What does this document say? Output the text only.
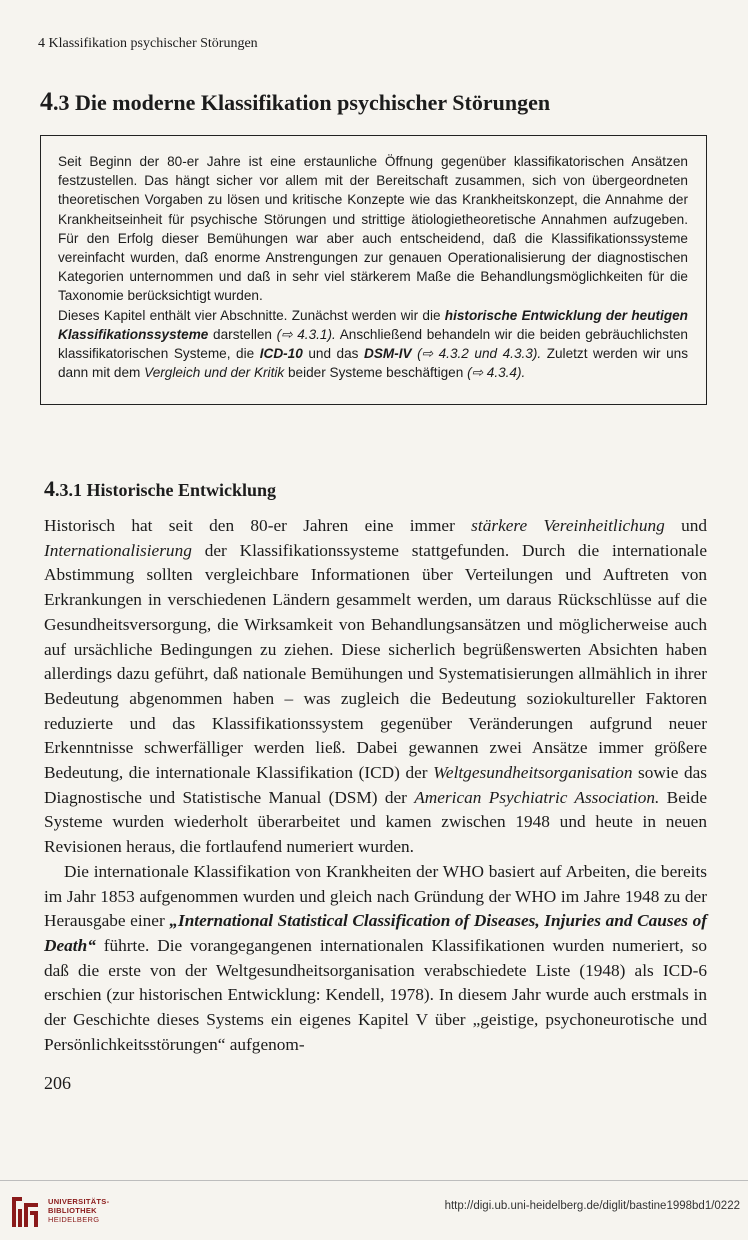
4 Klassifikation psychischer Störungen
4.3 Die moderne Klassifikation psychischer Störungen

Seit Beginn der 80-er Jahre ist eine erstaunliche Öffnung gegenüber klassifikatorischen Ansätzen festzustellen. Das hängt sicher vor allem mit der Bereitschaft zusammen, sich von übergeordneten theoretischen Vorgaben zu lösen und kritische Konzepte wie das Krankheitskonzept, die Annahme der Krankheitseinheit für psychische Störungen und strittige ätiologietheoretische Annahmen aufzugeben. Für den Erfolg dieser Bemühungen war aber auch entscheidend, daß die Klassifikationssysteme vereinfacht wurden, daß enorme Anstrengungen zur genauen Operationalisierung der diagnostischen Kategorien unternommen und daß in sehr viel stärkerem Maße die Behandlungsmöglichkeiten für die Taxonomie berücksichtigt wurden.

Dieses Kapitel enthält vier Abschnitte. Zunächst werden wir die historische Entwicklung der heutigen Klassifikationssysteme darstellen (⇨ 4.3.1). Anschließend behandeln wir die beiden gebräuchlichsten klassifikatorischen Systeme, die ICD-10 und das DSM-IV (⇨ 4.3.2 und 4.3.3). Zuletzt werden wir uns dann mit dem Vergleich und der Kritik beider Systeme beschäftigen (⇨ 4.3.4).

4.3.1 Historische Entwicklung

Historisch hat seit den 80-er Jahren eine immer stärkere Vereinheitlichung und Internationalisierung der Klassifikationssysteme stattgefunden. Durch die internationale Abstimmung sollten vergleichbare Informationen über Verteilungen und Auftreten von Erkrankungen in verschiedenen Ländern gesammelt werden, um daraus Rückschlüsse auf die Gesundheitsversorgung, die Wirksamkeit von Behandlungsansätzen und möglicherweise auch auf ursächliche Bedingungen zu ziehen. Diese sicherlich begrüßenswerten Absichten haben allerdings dazu geführt, daß nationale Bemühungen und Systematisierungen allmählich in ihrer Bedeutung abgenommen haben – was zugleich die Bedeutung soziokultureller Faktoren reduzierte und das Klassifikationssystem gegenüber Veränderungen aufgrund neuer Erkenntnisse schwerfälliger werden ließ. Dabei gewannen zwei Ansätze immer größere Bedeutung, die internationale Klassifikation (ICD) der Weltgesundheitsorganisation sowie das Diagnostische und Statistische Manual (DSM) der American Psychiatric Association. Beide Systeme wurden wiederholt überarbeitet und kamen zwischen 1948 und heute in neuen Revisionen heraus, die fortlaufend numeriert wurden.

Die internationale Klassifikation von Krankheiten der WHO basiert auf Arbeiten, die bereits im Jahr 1853 aufgenommen wurden und gleich nach Gründung der WHO im Jahre 1948 zu der Herausgabe einer „International Statistical Classification of Diseases, Injuries and Causes of Death“ führte. Die vorangegangenen internationalen Klassifikationen wurden numeriert, so daß die erste von der Weltgesundheitsorganisation verabschiedete Liste (1948) als ICD-6 erschien (zur historischen Entwicklung: Kendell, 1978). In diesem Jahr wurde auch erstmals in der Geschichte dieses Systems ein eigenes Kapitel V über „geistige, psychoneurotische und Persönlichkeitsstörungen“ aufgenom-

206
UNIVERSITÄTS-
BIBLIOTHEK
HEIDELBERG
http://digi.ub.uni-heidelberg.de/diglit/bastine1998bd1/0222
